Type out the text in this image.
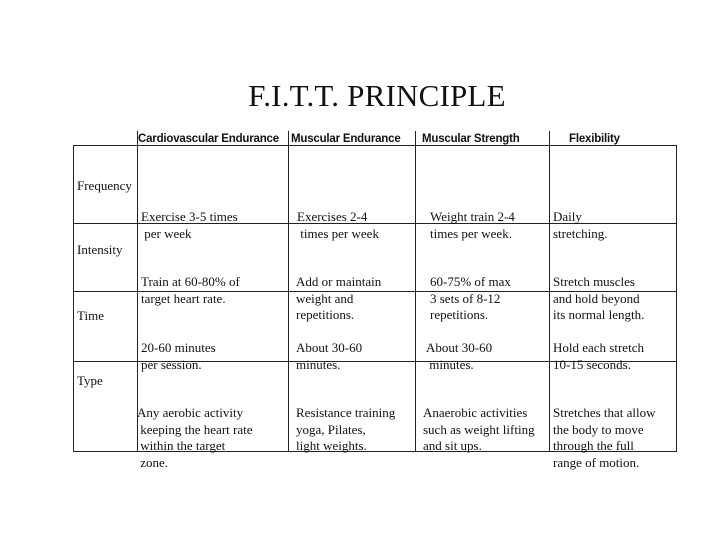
F.I.T.T. PRINCIPLE
Cardiovascular Endurance Muscular Endurance Muscular Strength	Flexibility
Frequency

Exercise 3-5 times
per week

Exercises 2-4
times per week

Weight train 2-4
times per week.

Daily
stretching.

Intensity

Train at 60-80% of
target heart rate.

Add or maintain
weight and
repetitions.

60-75% of max
3 sets of 8-12
repetitions.

Stretch muscles
and hold beyond
its normal length.

Time

20-60 minutes
per session.

About 30-60
minutes.

About 30-60
minutes.

Hold each stretch
10-15 seconds.

Type

Any aerobic activity
keeping the heart rate
within the target
zone.

Resistance training
yoga, Pilates,
light weights.

Anaerobic activities
such as weight lifting
and sit ups.

Stretches that allow
the body to move
through the full
range of motion.
